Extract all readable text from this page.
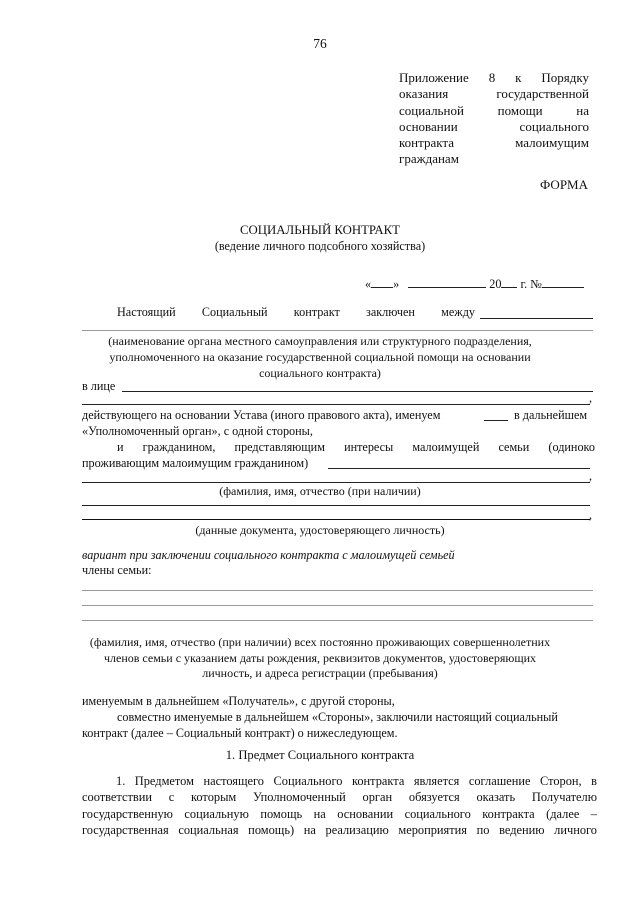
76
Приложение 8 к Порядку
оказания государственной
социальной помощи на
основании социального
контракта малоимущим
гражданам
ФОРМА
СОЦИАЛЬНЫЙ КОНТРАКТ
(ведение личного подсобного хозяйства)
« »	20 г. №
Настоящий Социальный контракт заключен между
(наименование органа местного самоуправления или структурного подразделения,
уполномоченного на оказание государственной социальной помощи на основании
социального контракта)
в лице
,
действующего на основании Устава (иного правового акта), именуем	в дальнейшем
«Уполномоченный орган», с одной стороны,
и гражданином, представляющим интересы малоимущей семьи (одиноко
проживающим малоимущим гражданином)
,
(фамилия, имя, отчество (при наличии)
,
(данные документа, удостоверяющего личность)
вариант при заключении социального контракта с малоимущей семьей
члены семьи:
(фамилия, имя, отчество (при наличии) всех постоянно проживающих совершеннолетних
членов семьи с указанием даты рождения, реквизитов документов, удостоверяющих
личность, и адреса регистрации (пребывания)
именуемым в дальнейшем «Получатель», с другой стороны,
совместно именуемые в дальнейшем «Стороны», заключили настоящий социальный
контракт (далее – Социальный контракт) о нижеследующем.
1. Предмет Социального контракта
1. Предметом настоящего Социального контракта является соглашение Сторон, в
соответствии с которым Уполномоченный орган обязуется оказать Получателю
государственную социальную помощь на основании социального контракта (далее –
государственная социальная помощь) на реализацию мероприятия по ведению личного
